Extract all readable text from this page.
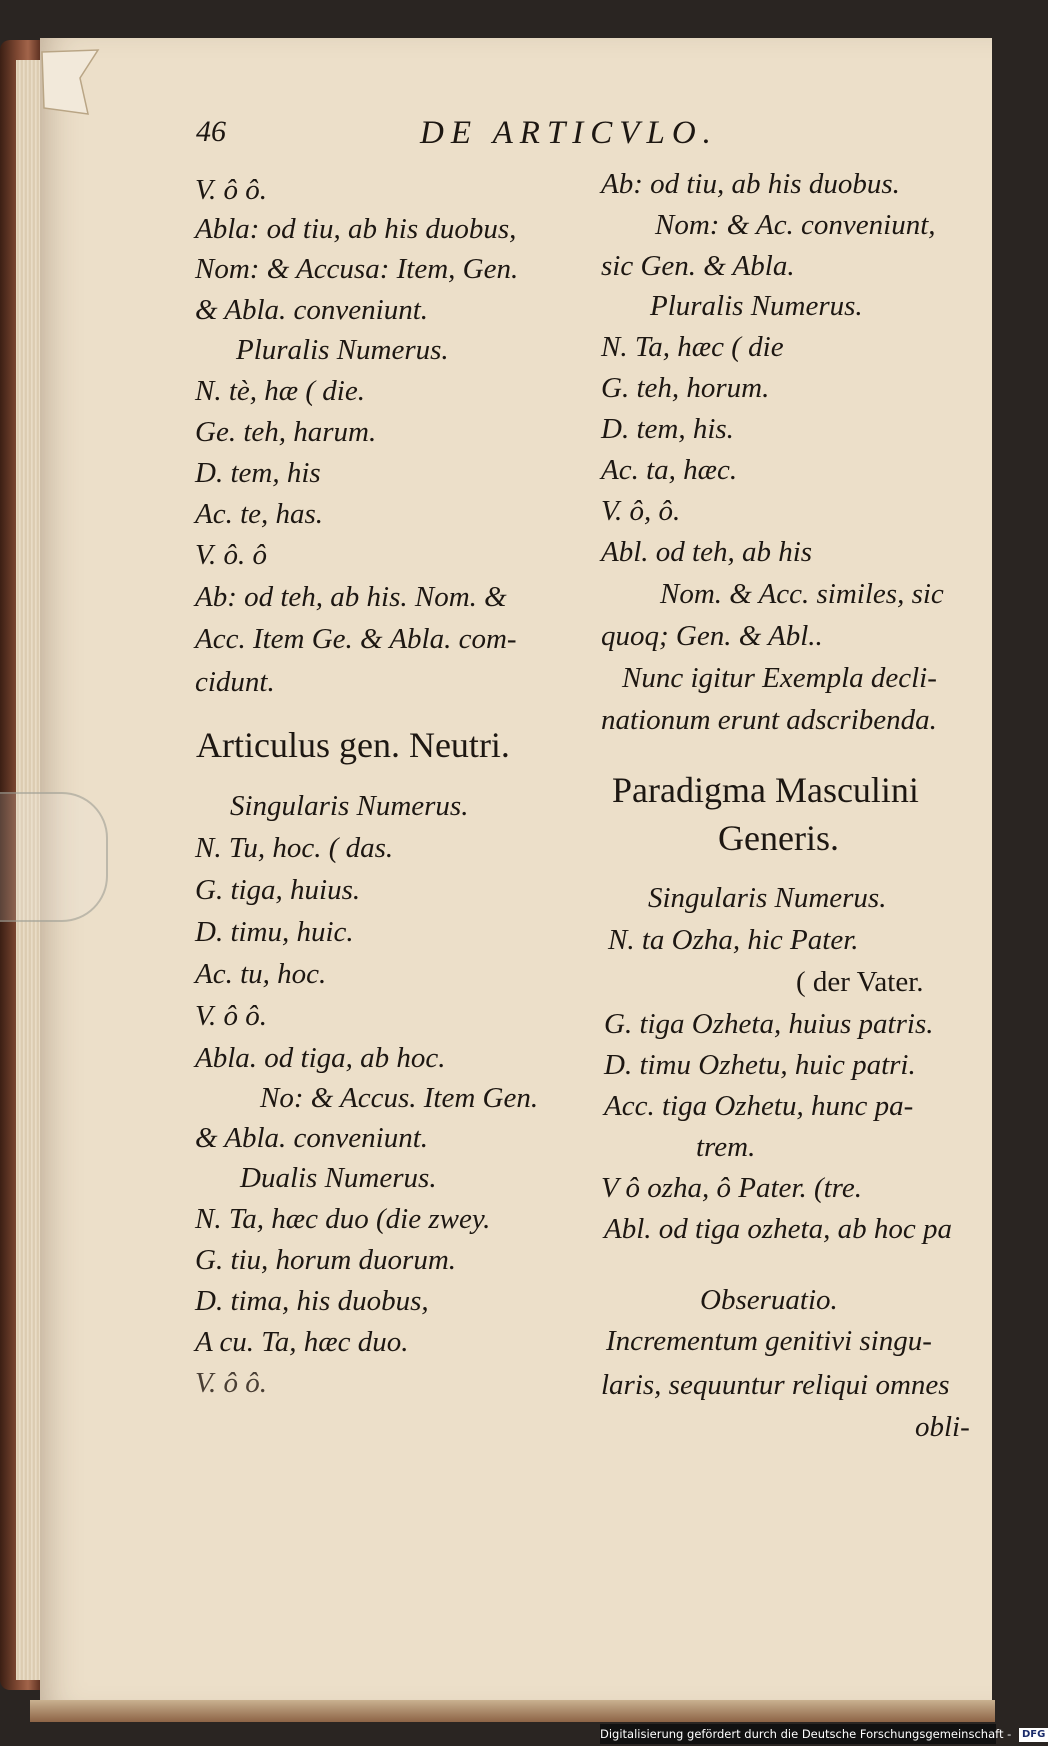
46	DE ARTICVLO.
V. ô ô.
Abla: od tiu, ab his duobus,
Nom: & Accusa: Item, Gen.
& Abla. conveniunt.
Pluralis Numerus.
N. tè, hæ ( die.
Ge. teh, harum.
D. tem, his
Ac. te, has.
V. ô. ô
Ab: od teh, ab his. Nom. &
Acc. Item Ge. & Abla. com-
cidunt.
Articulus gen. Neutri.
Singularis Numerus.
N. Tu, hoc. ( das.
G. tiga, huius.
D. timu, huic.
Ac. tu, hoc.
V. ô ô.
Abla. od tiga, ab hoc.
No: & Accus. Item Gen.
& Abla. conveniunt.
Dualis Numerus.
N. Ta, hæc duo (die zwey.
G. tiu, horum duorum.
D. tima, his duobus,
A cu. Ta, hæc duo.
V. ô ô.
Ab: od tiu, ab his duobus.
Nom: & Ac. conveniunt,
sic Gen. & Abla.
Pluralis Numerus.
N. Ta, hæc ( die
G. teh, horum.
D. tem, his.
Ac. ta, hæc.
V. ô, ô.
Abl. od teh, ab his
Nom. & Acc. similes, sic
quoq; Gen. & Abl..
Nunc igitur Exempla decli-
nationum erunt adscribenda.
Paradigma Masculini
Generis.
Singularis Numerus.
N. ta Ozha, hic Pater.
( der Vater.
G. tiga Ozheta, huius patris.
D. timu Ozhetu, huic patri.
Acc. tiga Ozhetu, hunc pa-
trem.
V ô ozha, ô Pater. (tre.
Abl. od tiga ozheta, ab hoc pa
Obseruatio.
Incrementum genitivi singu-
laris, sequuntur reliqui omnes
obli-
Digitalisierung gefördert durch die Deutsche Forschungsgemeinschaft - DFG
